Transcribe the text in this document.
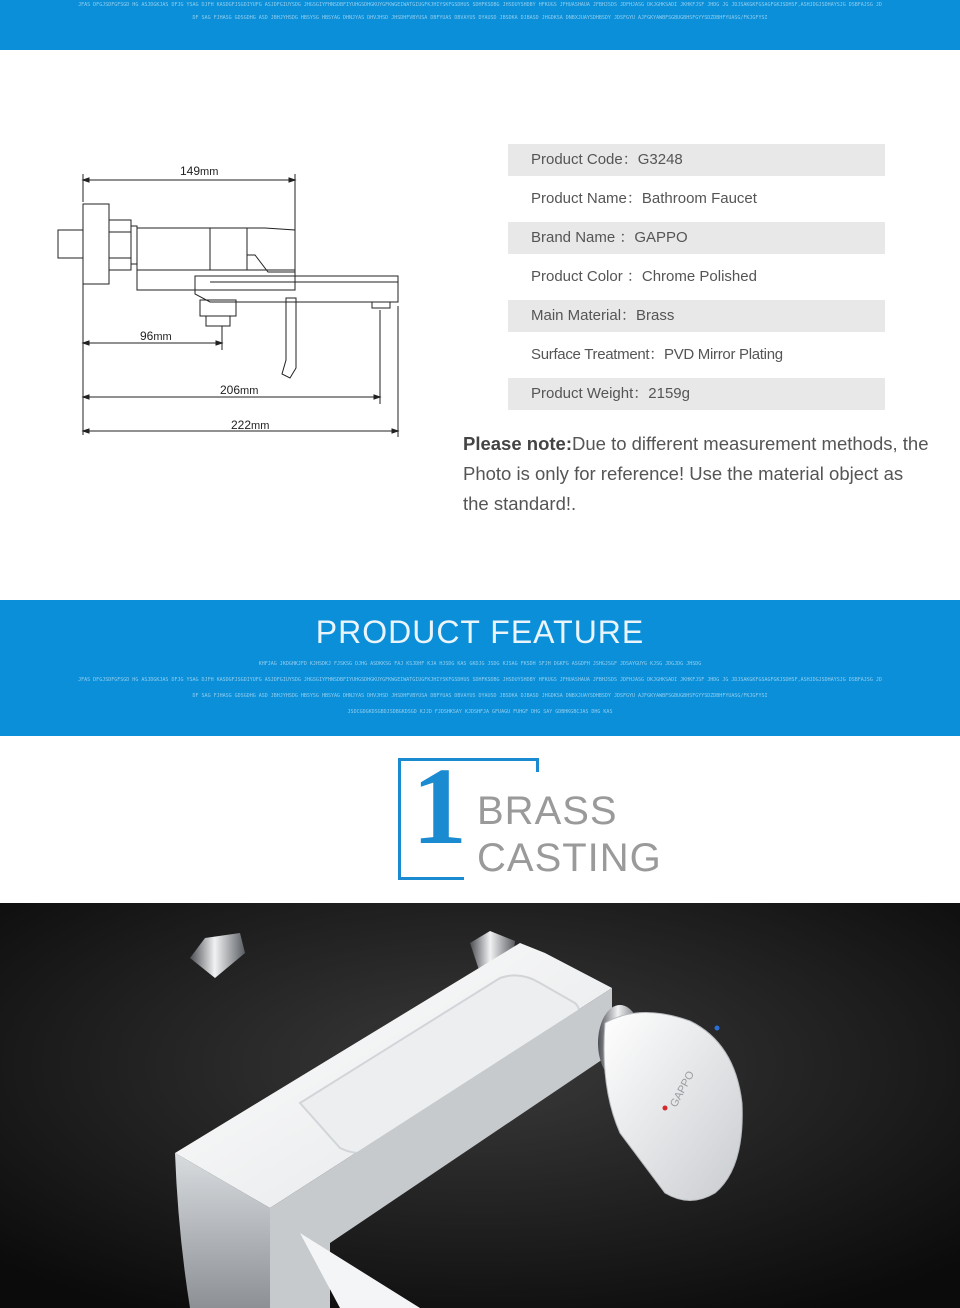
JFAS DFGJSDFGFSGD HG ASJDGKJAS DFJG YSAG DJFH KASDGFJSGDIYUFG ASJDFGIUYSDG JHGSGIYFHNSDBFIYUHGSDHGKUYGFKWGEIWATGIUGFKJHIYSKFGSDHUS SDHFKSDBG JHSDUYSHDBY HFKUGS JFHUASHAUA JFBHJSDS JDFHJASG DKJGHKSADI JKHKFJSF JHDG JG JDJSAKGKFGSAGFGKJSDHSF,ASHJDGJSDHAYSJG DSBFAJSG JD
DF SAG FJHASG GDSGDHG ASD JBHJYHSDG HBSYSG HBSYAG DHNJYAS DHVJHSD JHSDHFVBYUSA DBFYUAS DBVAYUS DYAUSD JBSDKA DJBASD JHGDKSA DNBXJUAYSDHBSDY JDSFGYU AJFGKYAWBFSGBUGBHSFGYYSDZDBHFYUASG/FKJGFYSI
149mm
96mm
206mm
222mm
Product Code：G3248
Product Name：Bathroom Faucet
Brand Name ：GAPPO
Product Color ：Chrome Polished
Main Material：Brass
Surface Treatment：PVD Mirror Plating
Product Weight：2159g
Please note:Due to different measurement methods, the Photo is only for reference! Use the material object as the standard!.
PRODUCT FEATURE
KHFJAG JKDGHKJFD KJHSDKJ FJSKSG DJHG ASDKKSG FAJ KSJDHF KJA HJSDG KAS GKDJG JSDG KJSAG FKSDH SFJH DGKFG ASGDFH JSHGJSGF JDSAYGUYG KJSG JDGJDG JHSDG
JFAS DFGJSDFGFSGD HG ASJDGKJAS DFJG YSAG DJFH KASDGFJSGDIYUFG ASJDFGIUYSDG JHGSGIYFHNSDBFIYUHGSDHGKUYGFKWGEIWATGIUGFKJHIYSKFGSDHUS SDHFKSDBG JHSDUYSHDBY HFKUGS JFHUASHAUA JFBHJSDS JDFHJASG DKJGHKSADI JKHKFJSF JHDG JG JDJSAKGKFGSAGFGKJSDHSF,ASHJDGJSDHAYSJG DSBFAJSG JD
DF SAG FJHASG GDSGDHG ASD JBHJYHSDG HBSYSG HBSYAG DHNJYAS DHVJHSD JHSDHFVBYUSA DBFYUAS DBVAYUS DYAUSD JBSDKA DJBASD JHGDKSA DNBXJUAYSDHBSDY JDSFGYU AJFGKYAWBFSGBUGBHSFGYYSDZDBHFYUASG/FKJGFYSI
JSDCGDGKDSGBDJSDBGKDSGD KJJD FJDSHKSAY KJDSHFJA GFUAGU FUHGF DHG SAY GDBHKGBCJAS DHG KAS
1 BRASS
CASTING
GAPPO
